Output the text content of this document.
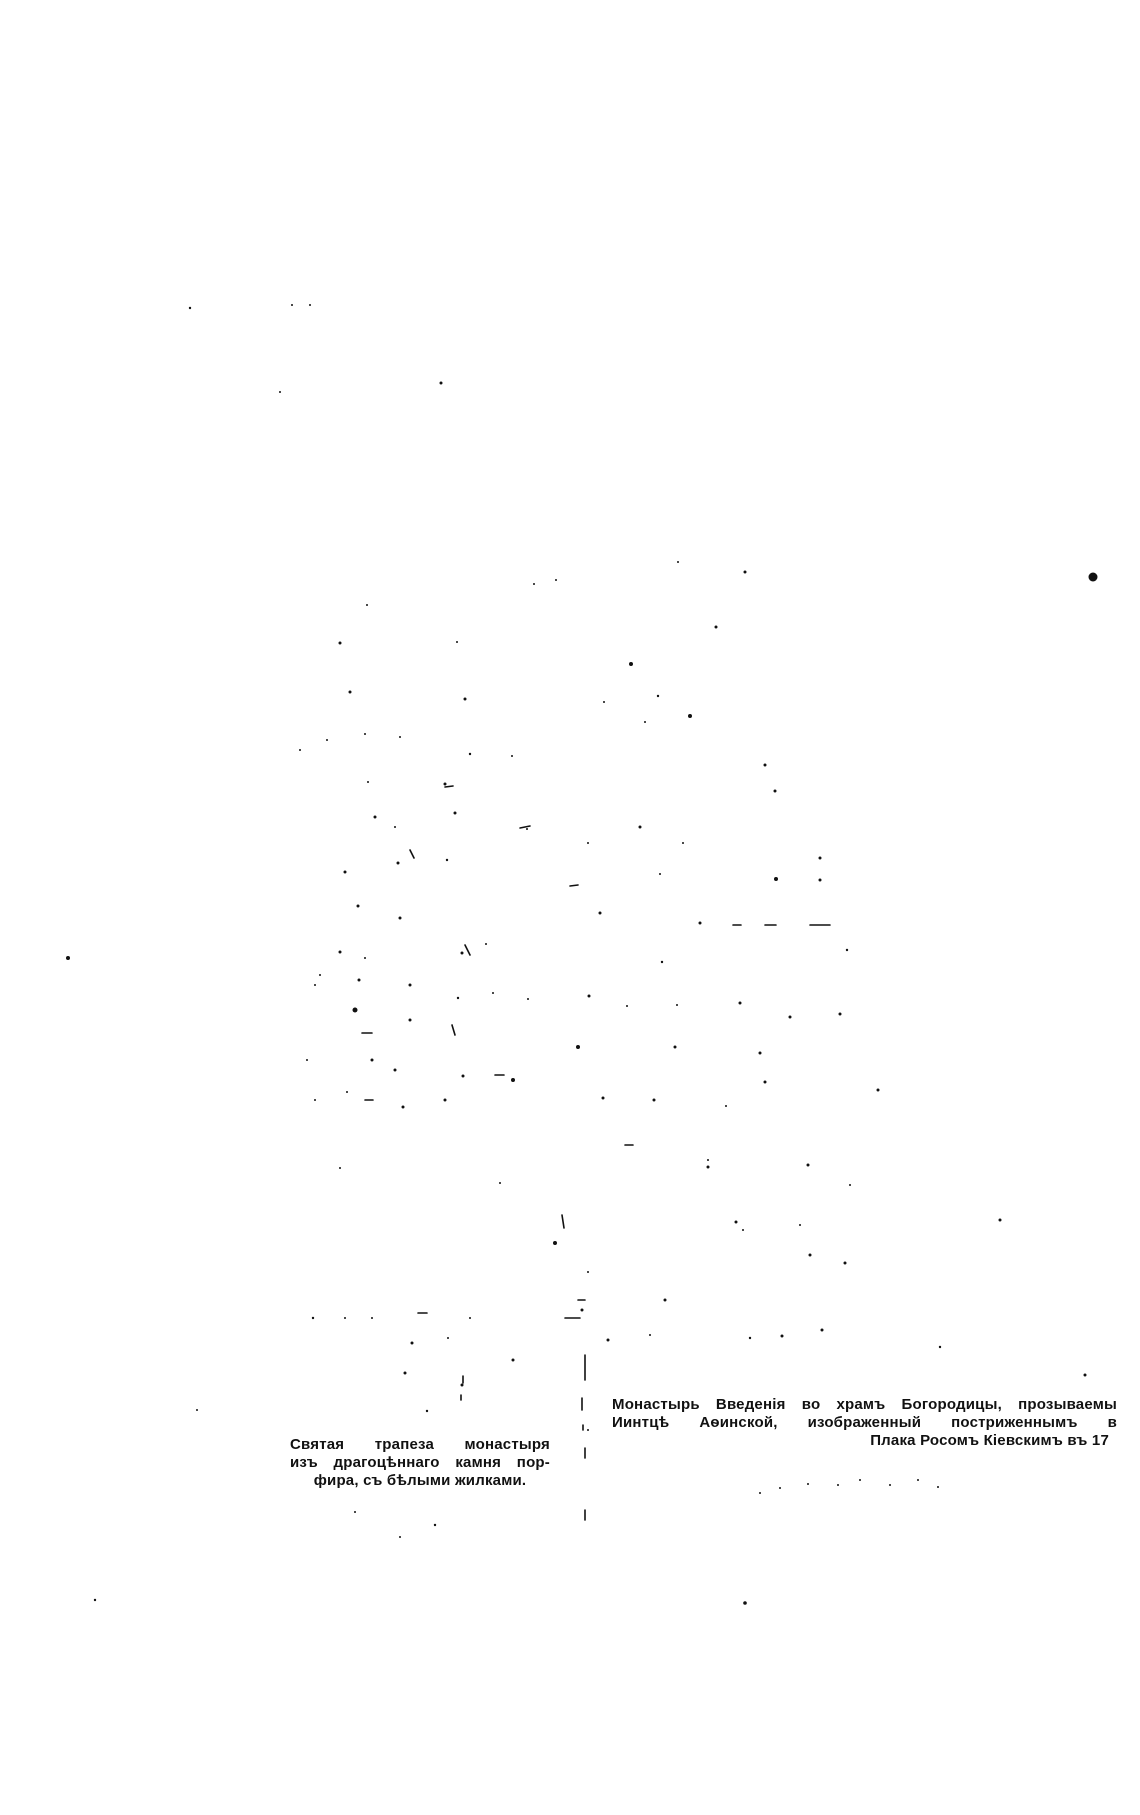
Святая трапеза монастыря
изъ драгоцѣннаго камня пор-
фира, съ бѣлыми жилками.
Монастырь Введенія во храмъ Богородицы, прозываемы
Иинтцѣ Аѳинской, изображенный постриженнымъ в
Плака Росомъ Кіевскимъ въ 17
